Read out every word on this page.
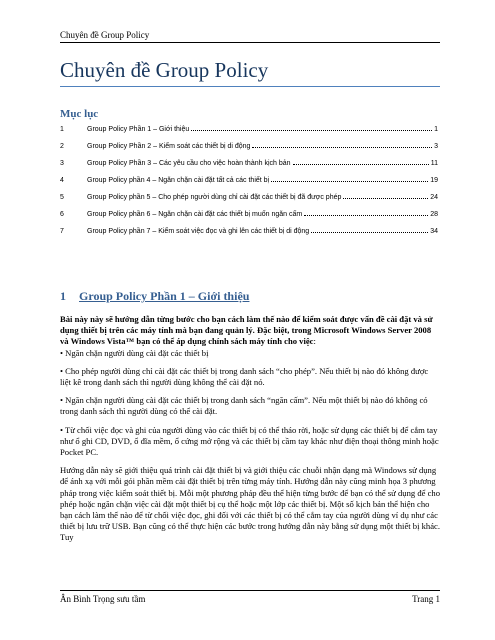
Chuyên đề Group Policy
Chuyên đề Group Policy
Mục lục
1	Group Policy Phần 1 – Giới thiệu	1
2	Group Policy Phần 2 – Kiểm soát các thiết bị di động	3
3	Group Policy Phần 3 – Các yêu cầu cho việc hoàn thành kịch bản	11
4	Group Policy phần 4 – Ngăn chặn cài đặt tất cả các thiết bị	19
5	Group Policy phần 5 – Cho phép người dùng chỉ cài đặt các thiết bị đã được phép	24
6	Group Policy phần 6 – Ngăn chặn cài đặt các thiết bị muốn ngăn cấm	28
7	Group Policy phần 7 – Kiểm soát việc đọc và ghi lên các thiết bị di động	34
1 Group Policy Phần 1 – Giới thiệu

Bài này này sẽ hướng dẫn từng bước cho bạn cách làm thế nào để kiểm soát được vấn đề cài đặt và sử dụng thiết bị trên các máy tính mà bạn đang quản lý. Đặc biệt, trong Microsoft Windows Server 2008 và Windows Vista™ bạn có thể áp dụng chính sách máy tính cho việc:

• Ngăn chặn người dùng cài đặt các thiết bị

• Cho phép người dùng chỉ cài đặt các thiết bị trong danh sách “cho phép”. Nếu thiết bị nào đó không được liệt kê trong danh sách thì người dùng không thể cài đặt nó.

• Ngăn chặn người dùng cài đặt các thiết bị trong danh sách “ngăn cấm”. Nếu một thiết bị nào đó không có trong danh sách thì người dùng có thể cài đặt.

• Từ chối việc đọc và ghi của người dùng vào các thiết bị có thể tháo rời, hoặc sử dụng các thiết bị để cắm tay như ổ ghi CD, DVD, ổ đĩa mềm, ổ cứng mở rộng và các thiết bị cầm tay khác như điện thoại thông minh hoặc Pocket PC.

Hướng dẫn này sẽ giới thiệu quá trình cài đặt thiết bị và giới thiệu các chuỗi nhận dạng mà Windows sử dụng để ánh xạ với mỗi gói phần mềm cài đặt thiết bị trên từng máy tính. Hướng dẫn này cũng minh họa 3 phương pháp trong việc kiểm soát thiết bị. Mỗi một phương pháp đều thể hiện từng bước để bạn có thể sử dụng để cho phép hoặc ngăn chặn việc cài đặt một thiết bị cụ thể hoặc một lớp các thiết bị. Một số kịch bản thể hiện cho bạn cách làm thế nào để từ chối việc đọc, ghi đối với các thiết bị có thể cắm tay của người dùng ví dụ như các thiết bị lưu trữ USB. Bạn cũng có thể thực hiện các bước trong hướng dẫn này bằng sử dụng một thiết bị khác. Tuy

Ân Bình Trọng sưu tầm	Trang 1
